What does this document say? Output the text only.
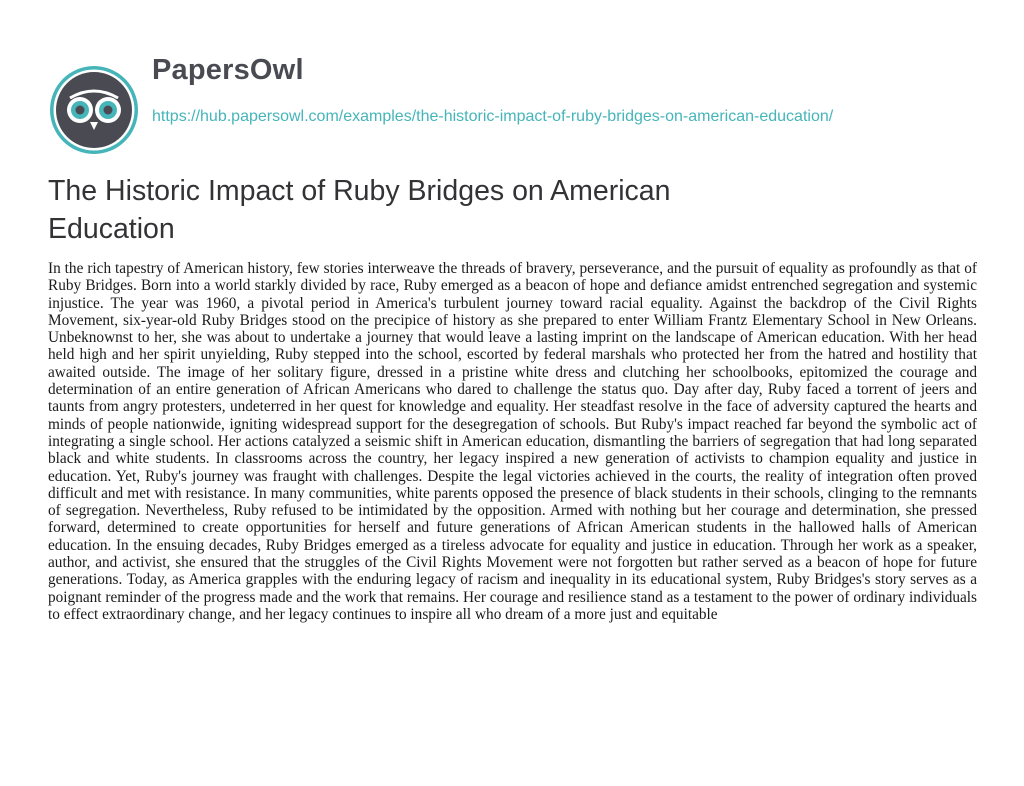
PapersOwl
https://hub.papersowl.com/examples/the-historic-impact-of-ruby-bridges-on-american-education/
The Historic Impact of Ruby Bridges on American Education

In the rich tapestry of American history, few stories interweave the threads of bravery, perseverance, and the pursuit of equality as profoundly as that of Ruby Bridges. Born into a world starkly divided by race, Ruby emerged as a beacon of hope and defiance amidst entrenched segregation and systemic injustice. The year was 1960, a pivotal period in America's turbulent journey toward racial equality. Against the backdrop of the Civil Rights Movement, six-year-old Ruby Bridges stood on the precipice of history as she prepared to enter William Frantz Elementary School in New Orleans. Unbeknownst to her, she was about to undertake a journey that would leave a lasting imprint on the landscape of American education. With her head held high and her spirit unyielding, Ruby stepped into the school, escorted by federal marshals who protected her from the hatred and hostility that awaited outside. The image of her solitary figure, dressed in a pristine white dress and clutching her schoolbooks, epitomized the courage and determination of an entire generation of African Americans who dared to challenge the status quo. Day after day, Ruby faced a torrent of jeers and taunts from angry protesters, undeterred in her quest for knowledge and equality. Her steadfast resolve in the face of adversity captured the hearts and minds of people nationwide, igniting widespread support for the desegregation of schools. But Ruby's impact reached far beyond the symbolic act of integrating a single school. Her actions catalyzed a seismic shift in American education, dismantling the barriers of segregation that had long separated black and white students. In classrooms across the country, her legacy inspired a new generation of activists to champion equality and justice in education. Yet, Ruby's journey was fraught with challenges. Despite the legal victories achieved in the courts, the reality of integration often proved difficult and met with resistance. In many communities, white parents opposed the presence of black students in their schools, clinging to the remnants of segregation. Nevertheless, Ruby refused to be intimidated by the opposition. Armed with nothing but her courage and determination, she pressed forward, determined to create opportunities for herself and future generations of African American students in the hallowed halls of American education. In the ensuing decades, Ruby Bridges emerged as a tireless advocate for equality and justice in education. Through her work as a speaker, author, and activist, she ensured that the struggles of the Civil Rights Movement were not forgotten but rather served as a beacon of hope for future generations. Today, as America grapples with the enduring legacy of racism and inequality in its educational system, Ruby Bridges's story serves as a poignant reminder of the progress made and the work that remains. Her courage and resilience stand as a testament to the power of ordinary individuals to effect extraordinary change, and her legacy continues to inspire all who dream of a more just and equitable
